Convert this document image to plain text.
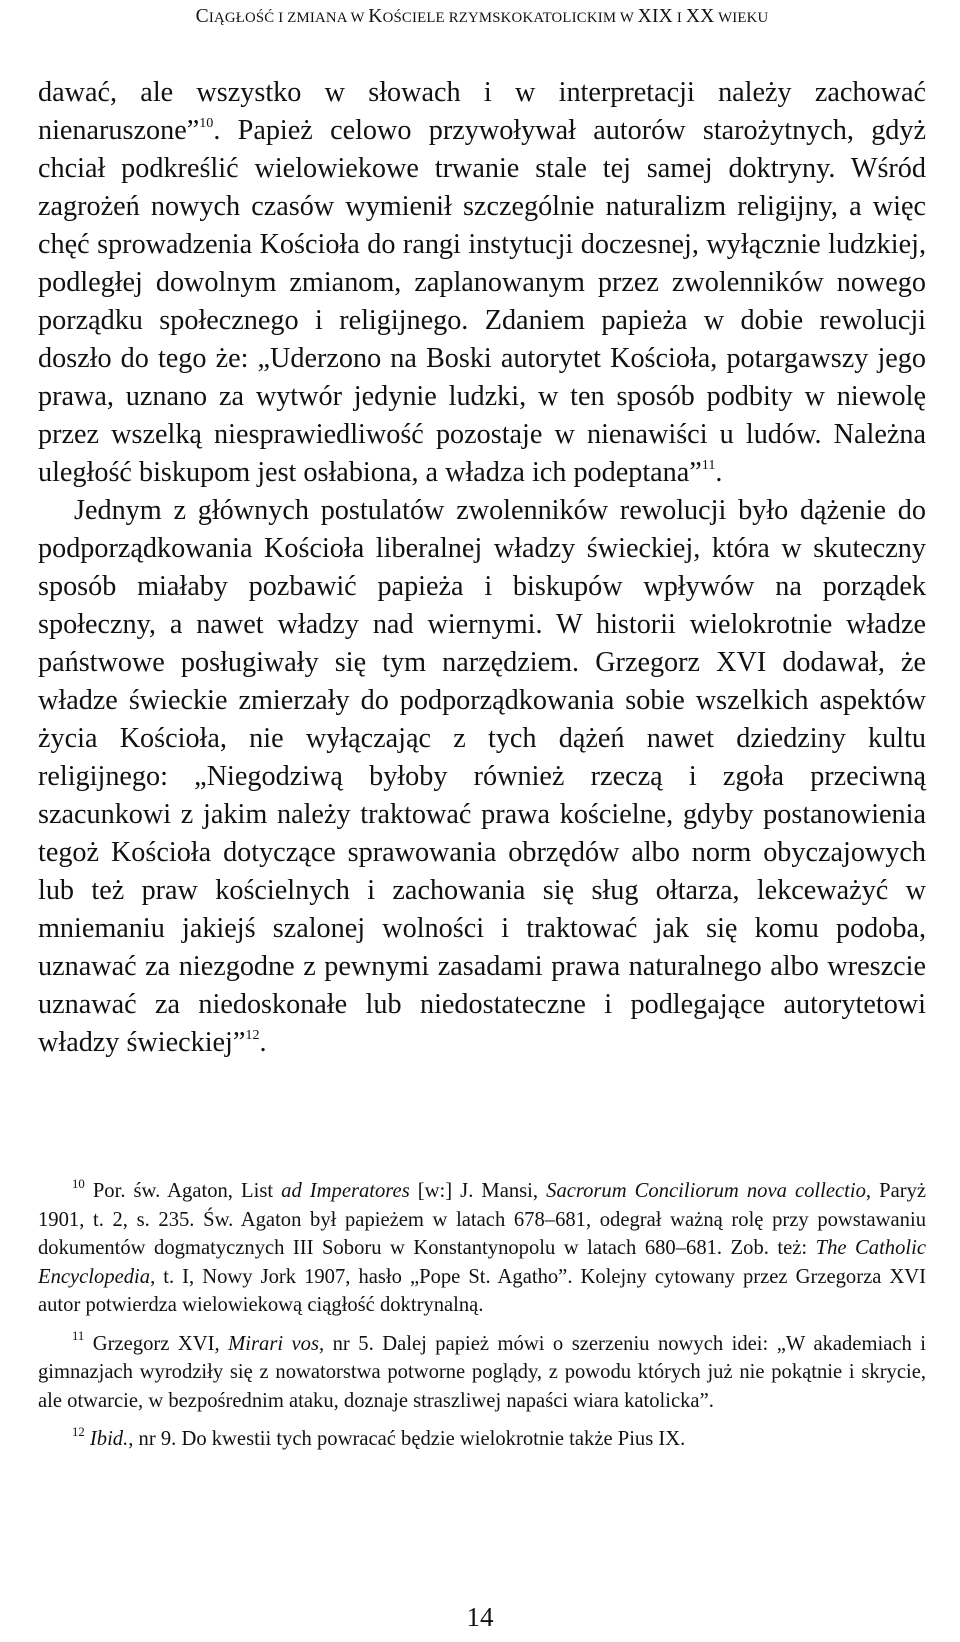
CIĄGŁOŚĆ I ZMIANA W KOŚCIELE RZYMSKOKATOLICKIM W XIX I XX WIEKU

dawać, ale wszystko w słowach i w interpretacji należy zachować nienaruszone”$^{10}$. Papież celowo przywoływał autorów starożytnych, gdyż chciał podkreślić wielowiekowe trwanie stale tej samej doktryny. Wśród zagrożeń nowych czasów wymienił szczególnie naturalizm religijny, a więc chęć sprowadzenia Kościoła do rangi instytucji doczesnej, wyłącznie ludzkiej, podległej dowolnym zmianom, zaplanowanym przez zwolenników nowego porządku społecznego i religijnego. Zdaniem papieża w dobie rewolucji doszło do tego że: „Uderzono na Boski autorytet Kościoła, potargawszy jego prawa, uznano za wytwór jedynie ludzki, w ten sposób podbity w niewolę przez wszelką niesprawiedliwość pozostaje w nienawiści u ludów. Należna uległość biskupom jest osłabiona, a władza ich podeptana”$^{11}$.

Jednym z głównych postulatów zwolenników rewolucji było dążenie do podporządkowania Kościoła liberalnej władzy świeckiej, która w skuteczny sposób miałaby pozbawić papieża i biskupów wpływów na porządek społeczny, a nawet władzy nad wiernymi. W historii wielokrotnie władze państwowe posługiwały się tym narzędziem. Grzegorz XVI dodawał, że władze świeckie zmierzały do podporządkowania sobie wszelkich aspektów życia Kościoła, nie wyłączając z tych dążeń nawet dziedziny kultu religijnego: „Niegodziwą byłoby również rzeczą i zgoła przeciwną szacunkowi z jakim należy traktować prawa kościelne, gdyby postanowienia tegoż Kościoła dotyczące sprawowania obrzędów albo norm obyczajowych lub też praw kościelnych i zachowania się sług ołtarza, lekceważyć w mniemaniu jakiejś szalonej wolności i traktować jak się komu podoba, uznawać za niezgodne z pewnymi zasadami prawa naturalnego albo wreszcie uznawać za niedoskonałe lub niedostateczne i podlegające autorytetowi władzy świeckiej”$^{12}$.

$^{10}$ Por. św. Agaton, List ad Imperatores [w:] J. Mansi, Sacrorum Conciliorum nova collectio, Paryż 1901, t. 2, s. 235. Św. Agaton był papieżem w latach 678–681, odegrał ważną rolę przy powstawaniu dokumentów dogmatycznych III Soboru w Konstantynopolu w latach 680–681. Zob. też: The Catholic Encyclopedia, t. I, Nowy Jork 1907, hasło „Pope St. Agatho”. Kolejny cytowany przez Grzegorza XVI autor potwierdza wielowiekową ciągłość doktrynalną.

$^{11}$ Grzegorz XVI, Mirari vos, nr 5. Dalej papież mówi o szerzeniu nowych idei: „W akademiach i gimnazjach wyrodziły się z nowatorstwa potworne poglądy, z powodu których już nie pokątnie i skrycie, ale otwarcie, w bezpośrednim ataku, doznaje straszliwej napaści wiara katolicka”.

$^{12}$ Ibid., nr 9. Do kwestii tych powracać będzie wielokrotnie także Pius IX.

14
